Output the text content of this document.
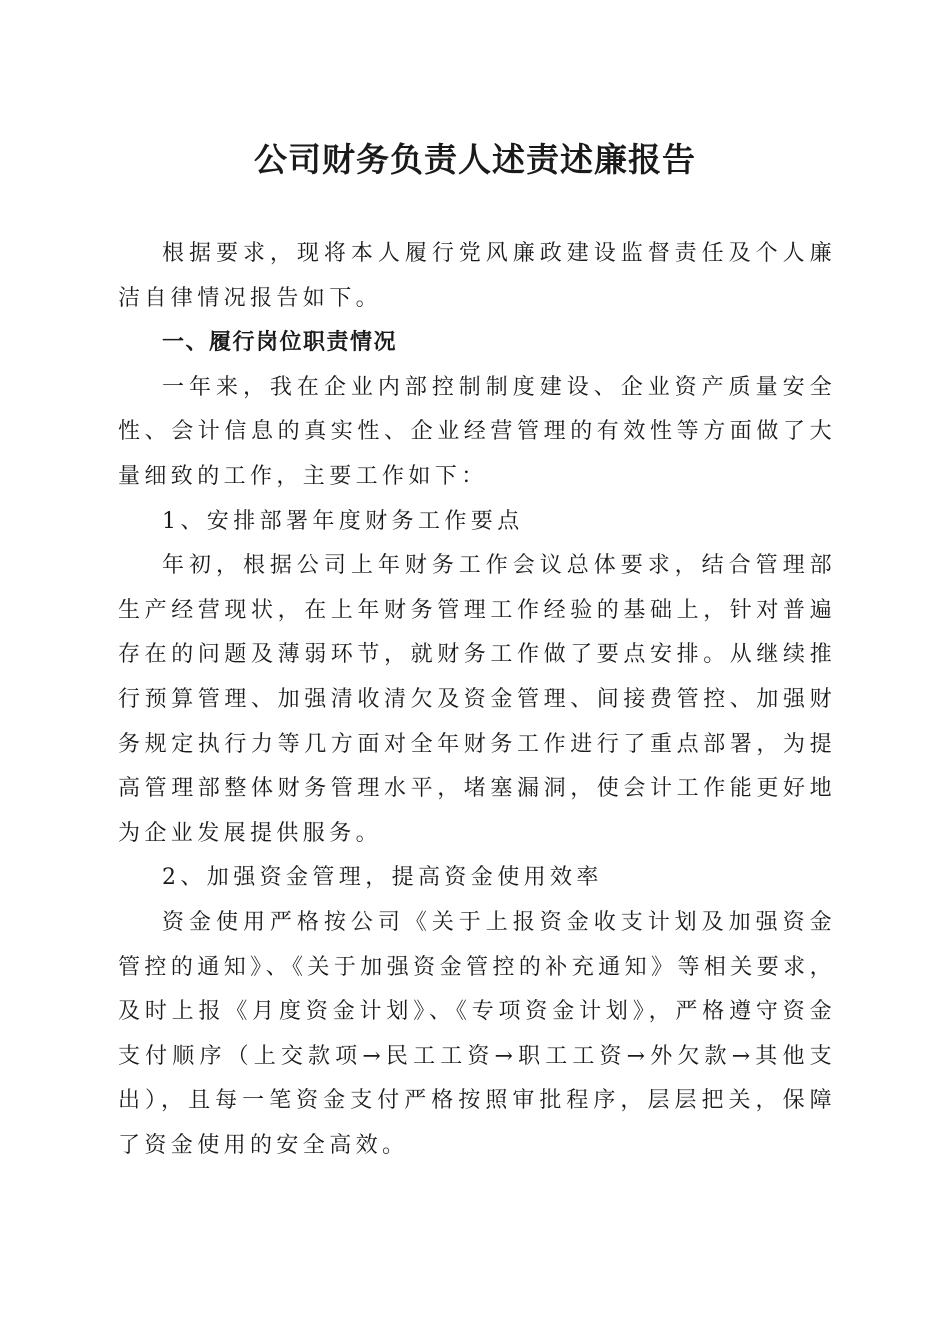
公司财务负责人述责述廉报告

根据要求，现将本人履行党风廉政建设监督责任及个人廉洁自律情况报告如下。

一、履行岗位职责情况

一年来，我在企业内部控制制度建设、企业资产质量安全性、会计信息的真实性、企业经营管理的有效性等方面做了大量细致的工作，主要工作如下：

1、安排部署年度财务工作要点

年初，根据公司上年财务工作会议总体要求，结合管理部生产经营现状，在上年财务管理工作经验的基础上，针对普遍存在的问题及薄弱环节，就财务工作做了要点安排。从继续推行预算管理、加强清收清欠及资金管理、间接费管控、加强财务规定执行力等几方面对全年财务工作进行了重点部署，为提高管理部整体财务管理水平，堵塞漏洞，使会计工作能更好地为企业发展提供服务。

2、加强资金管理，提高资金使用效率

资金使用严格按公司《关于上报资金收支计划及加强资金管控的通知》、《关于加强资金管控的补充通知》等相关要求，及时上报《月度资金计划》、《专项资金计划》，严格遵守资金支付顺序（上交款项→民工工资→职工工资→外欠款→其他支出），且每一笔资金支付严格按照审批程序，层层把关，保障了资金使用的安全高效。
